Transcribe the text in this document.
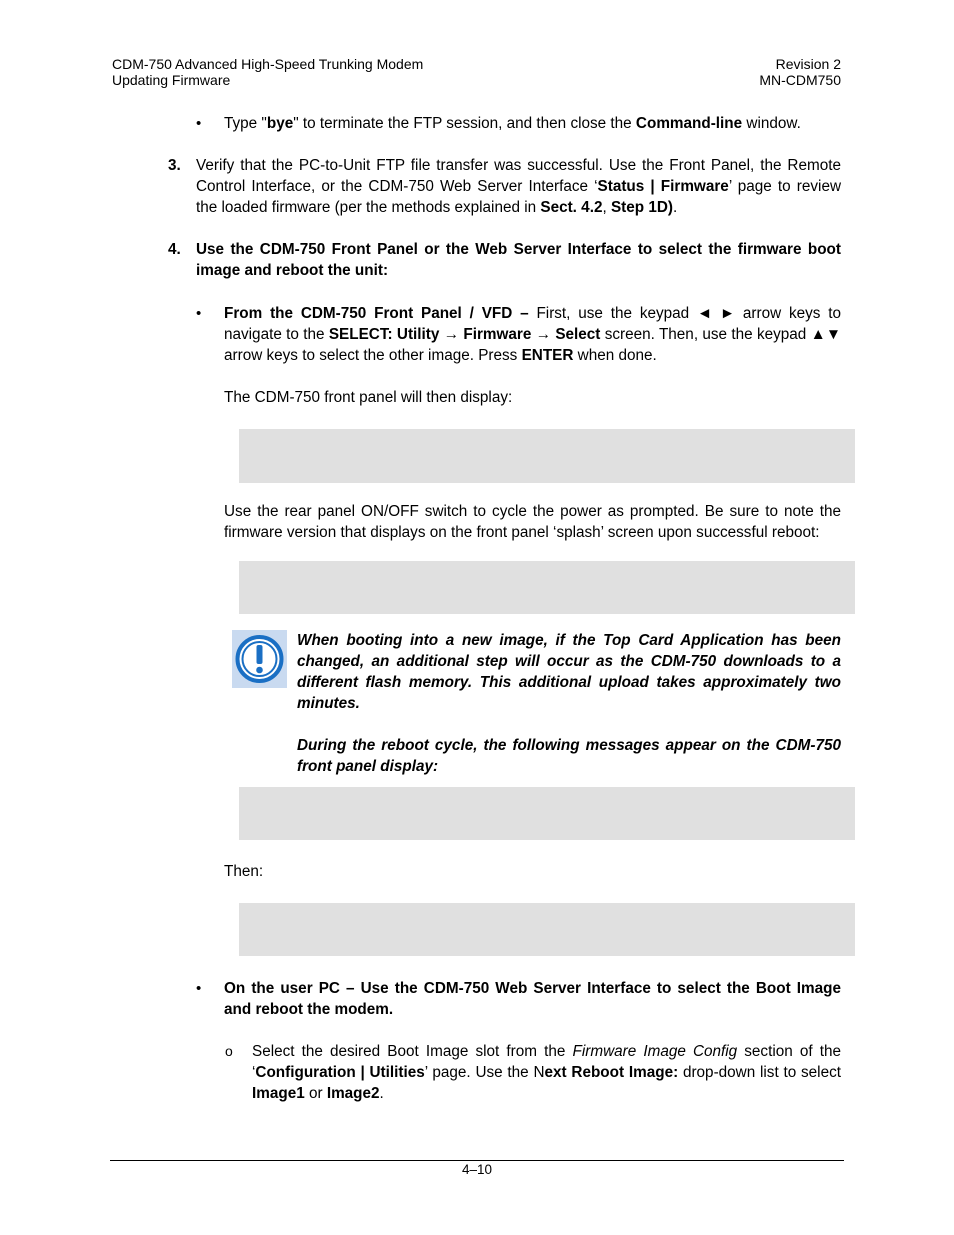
CDM-750 Advanced High-Speed Trunking Modem
Updating Firmware
Revision 2
MN-CDM750
• Type "bye" to terminate the FTP session, and then close the Command-line window.
3. Verify that the PC-to-Unit FTP file transfer was successful. Use the Front Panel, the Remote Control Interface, or the CDM-750 Web Server Interface ‘Status | Firmware’ page to review the loaded firmware (per the methods explained in Sect. 4.2, Step 1D).
4. Use the CDM-750 Front Panel or the Web Server Interface to select the firmware boot image and reboot the unit:
• From the CDM-750 Front Panel / VFD – First, use the keypad ◄ ► arrow keys to navigate to the SELECT: Utility → Firmware → Select screen. Then, use the keypad ▲▼ arrow keys to select the other image. Press ENTER when done.
The CDM-750 front panel will then display:
Use the rear panel ON/OFF switch to cycle the power as prompted. Be sure to note the firmware version that displays on the front panel ‘splash’ screen upon successful reboot:
When booting into a new image, if the Top Card Application has been changed, an additional step will occur as the CDM-750 downloads to a different flash memory. This additional upload takes approximately two minutes.
During the reboot cycle, the following messages appear on the CDM-750 front panel display:
Then:
• On the user PC – Use the CDM-750 Web Server Interface to select the Boot Image and reboot the modem.
o Select the desired Boot Image slot from the Firmware Image Config section of the ‘Configuration | Utilities’ page. Use the Next Reboot Image: drop-down list to select Image1 or Image2.
4–10
